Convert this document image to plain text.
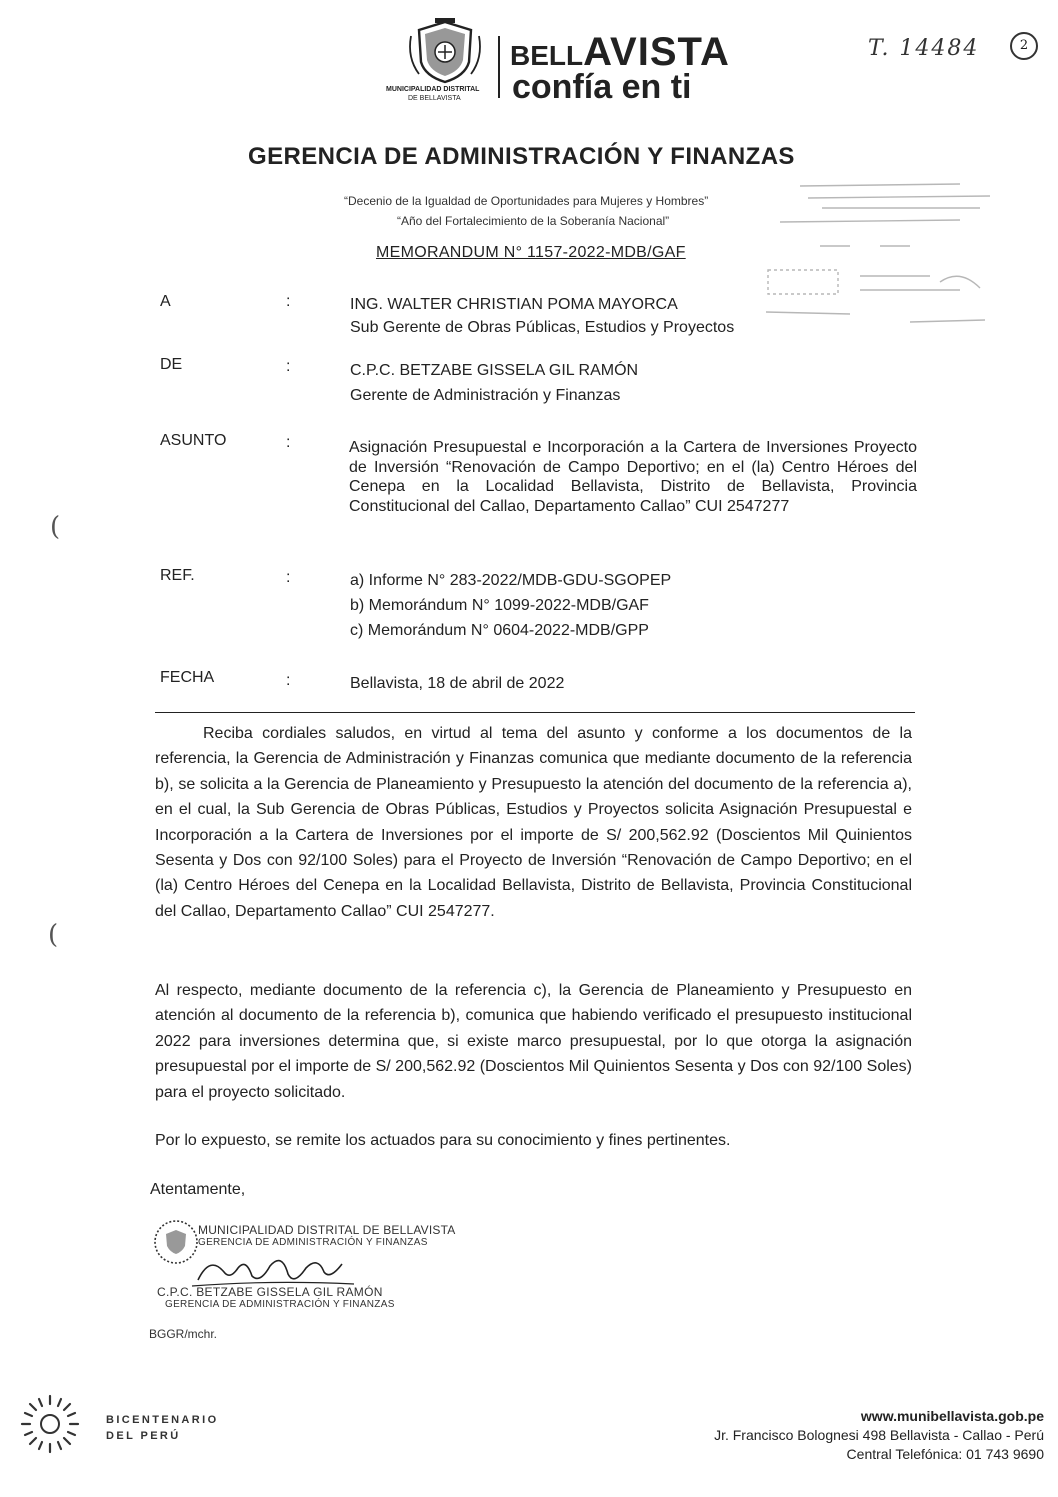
MUNICIPALIDAD DISTRITAL
DE BELLAVISTA
BELLAVISTA
confía en ti
T. 14484	2
GERENCIA DE ADMINISTRACIÓN Y FINANZAS
“Decenio de la Igualdad de Oportunidades para Mujeres y Hombres”
“Año del Fortalecimiento de la Soberanía Nacional”
MEMORANDUM N° 1157-2022-MDB/GAF
A	:	ING. WALTER CHRISTIAN POMA MAYORCA
Sub Gerente de Obras Públicas, Estudios y Proyectos
DE	:	C.P.C. BETZABE GISSELA GIL RAMÓN
Gerente de Administración y Finanzas
ASUNTO	:	Asignación Presupuestal e Incorporación a la Cartera de Inversiones Proyecto de Inversión “Renovación de Campo Deportivo; en el (la) Centro Héroes del Cenepa en la Localidad Bellavista, Distrito de Bellavista, Provincia Constitucional del Callao, Departamento Callao” CUI 2547277
REF.	:	a) Informe N° 283-2022/MDB-GDU-SGOPEP
b) Memorándum N° 1099-2022-MDB/GAF
c) Memorándum N° 0604-2022-MDB/GPP
FECHA	:	Bellavista, 18 de abril de 2022
Reciba cordiales saludos, en virtud al tema del asunto y conforme a los documentos de la referencia, la Gerencia de Administración y Finanzas comunica que mediante documento de la referencia b), se solicita a la Gerencia de Planeamiento y Presupuesto la atención del documento de la referencia a), en el cual, la Sub Gerencia de Obras Públicas, Estudios y Proyectos solicita Asignación Presupuestal e Incorporación a la Cartera de Inversiones por el importe de S/ 200,562.92 (Doscientos Mil Quinientos Sesenta y Dos con 92/100 Soles) para el Proyecto de Inversión “Renovación de Campo Deportivo; en el (la) Centro Héroes del Cenepa en la Localidad Bellavista, Distrito de Bellavista, Provincia Constitucional del Callao, Departamento Callao” CUI 2547277.
Al respecto, mediante documento de la referencia c), la Gerencia de Planeamiento y Presupuesto en atención al documento de la referencia b), comunica que habiendo verificado el presupuesto institucional 2022 para inversiones determina que, si existe marco presupuestal, por lo que otorga la asignación presupuestal por el importe de S/ 200,562.92 (Doscientos Mil Quinientos Sesenta y Dos con 92/100 Soles) para el proyecto solicitado.
Por lo expuesto, se remite los actuados para su conocimiento y fines pertinentes.
Atentamente,
(
(
MUNICIPALIDAD DISTRITAL DE BELLAVISTA
GERENCIA DE ADMINISTRACIÓN Y FINANZAS
C.P.C. BETZABE GISSELA GIL RAMÓN
GERENCIA DE ADMINISTRACIÓN Y FINANZAS
BGGR/mchr.
BICENTENARIO
DEL PERÚ
www.munibellavista.gob.pe
Jr. Francisco Bolognesi 498 Bellavista - Callao - Perú
Central Telefónica: 01 743 9690
